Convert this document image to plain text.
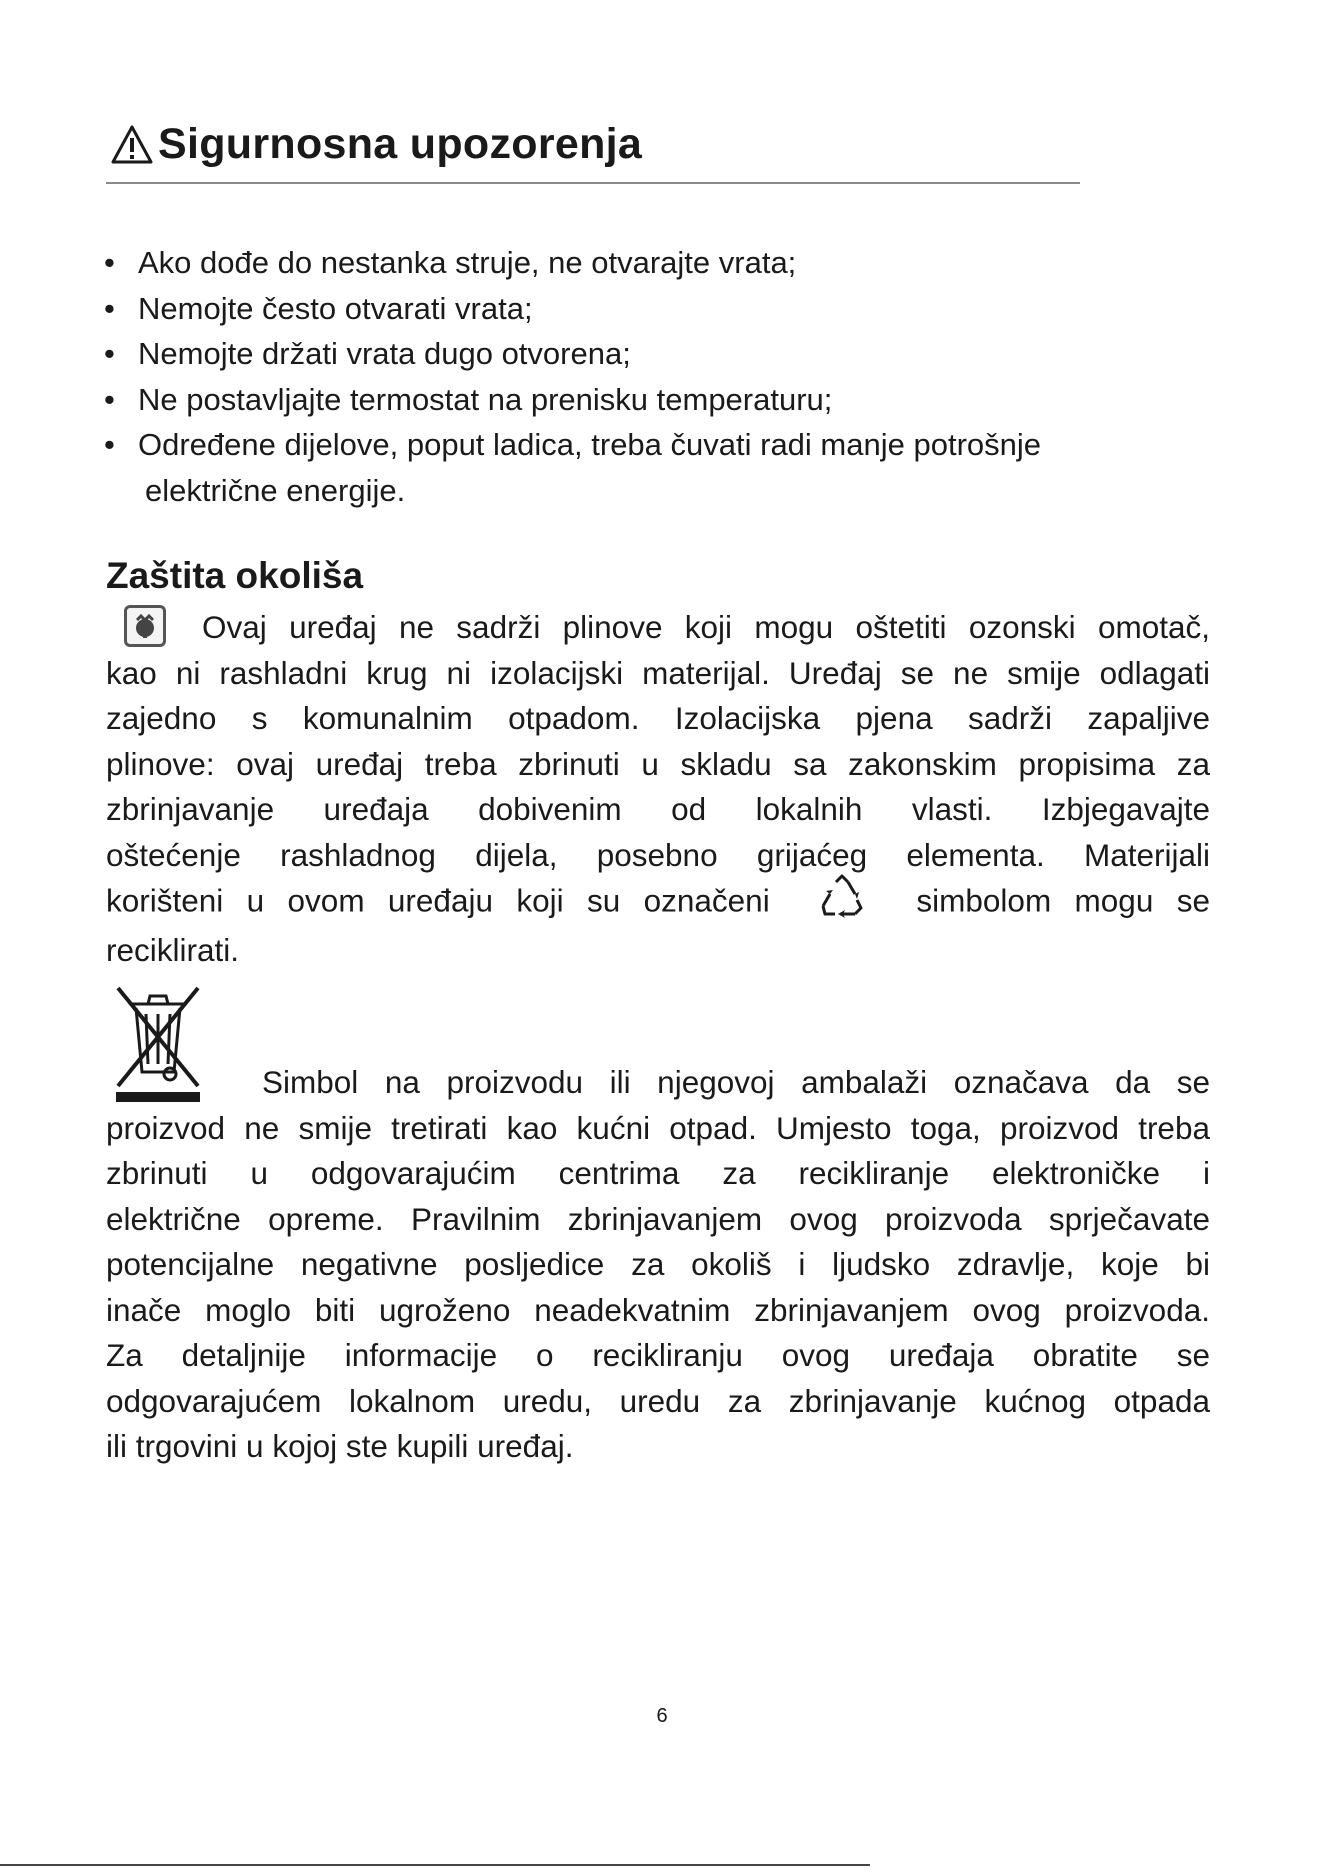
Sigurnosna upozorenja
• Ako dođe do nestanka struje, ne otvarajte vrata;
• Nemojte često otvarati vrata;
• Nemojte držati vrata dugo otvorena;
• Ne postavljajte termostat na prenisku temperaturu;
• Određene dijelove, poput ladica, treba čuvati radi manje potrošnje
električne energije.
Zaštita okoliša
Ovaj uređaj ne sadrži plinove koji mogu oštetiti ozonski omotač,
kao ni rashladni krug ni izolacijski materijal. Uređaj se ne smije odlagati
zajedno s komunalnim otpadom. Izolacijska pjena sadrži zapaljive
plinove: ovaj uređaj treba zbrinuti u skladu sa zakonskim propisima za
zbrinjavanje uređaja dobivenim od lokalnih vlasti. Izbjegavajte
oštećenje rashladnog dijela, posebno grijaćeg elementa. Materijali
korišteni u ovom uređaju koji su označeni	simbolom mogu se
reciklirati.
Simbol na proizvodu ili njegovoj ambalaži označava da se
proizvod ne smije tretirati kao kućni otpad. Umjesto toga, proizvod treba
zbrinuti u odgovarajućim centrima za recikliranje elektroničke i
električne opreme. Pravilnim zbrinjavanjem ovog proizvoda sprječavate
potencijalne negativne posljedice za okoliš i ljudsko zdravlje, koje bi
inače moglo biti ugroženo neadekvatnim zbrinjavanjem ovog proizvoda.
Za detaljnije informacije o recikliranju ovog uređaja obratite se
odgovarajućem lokalnom uredu, uredu za zbrinjavanje kućnog otpada
ili trgovini u kojoj ste kupili uređaj.
6
